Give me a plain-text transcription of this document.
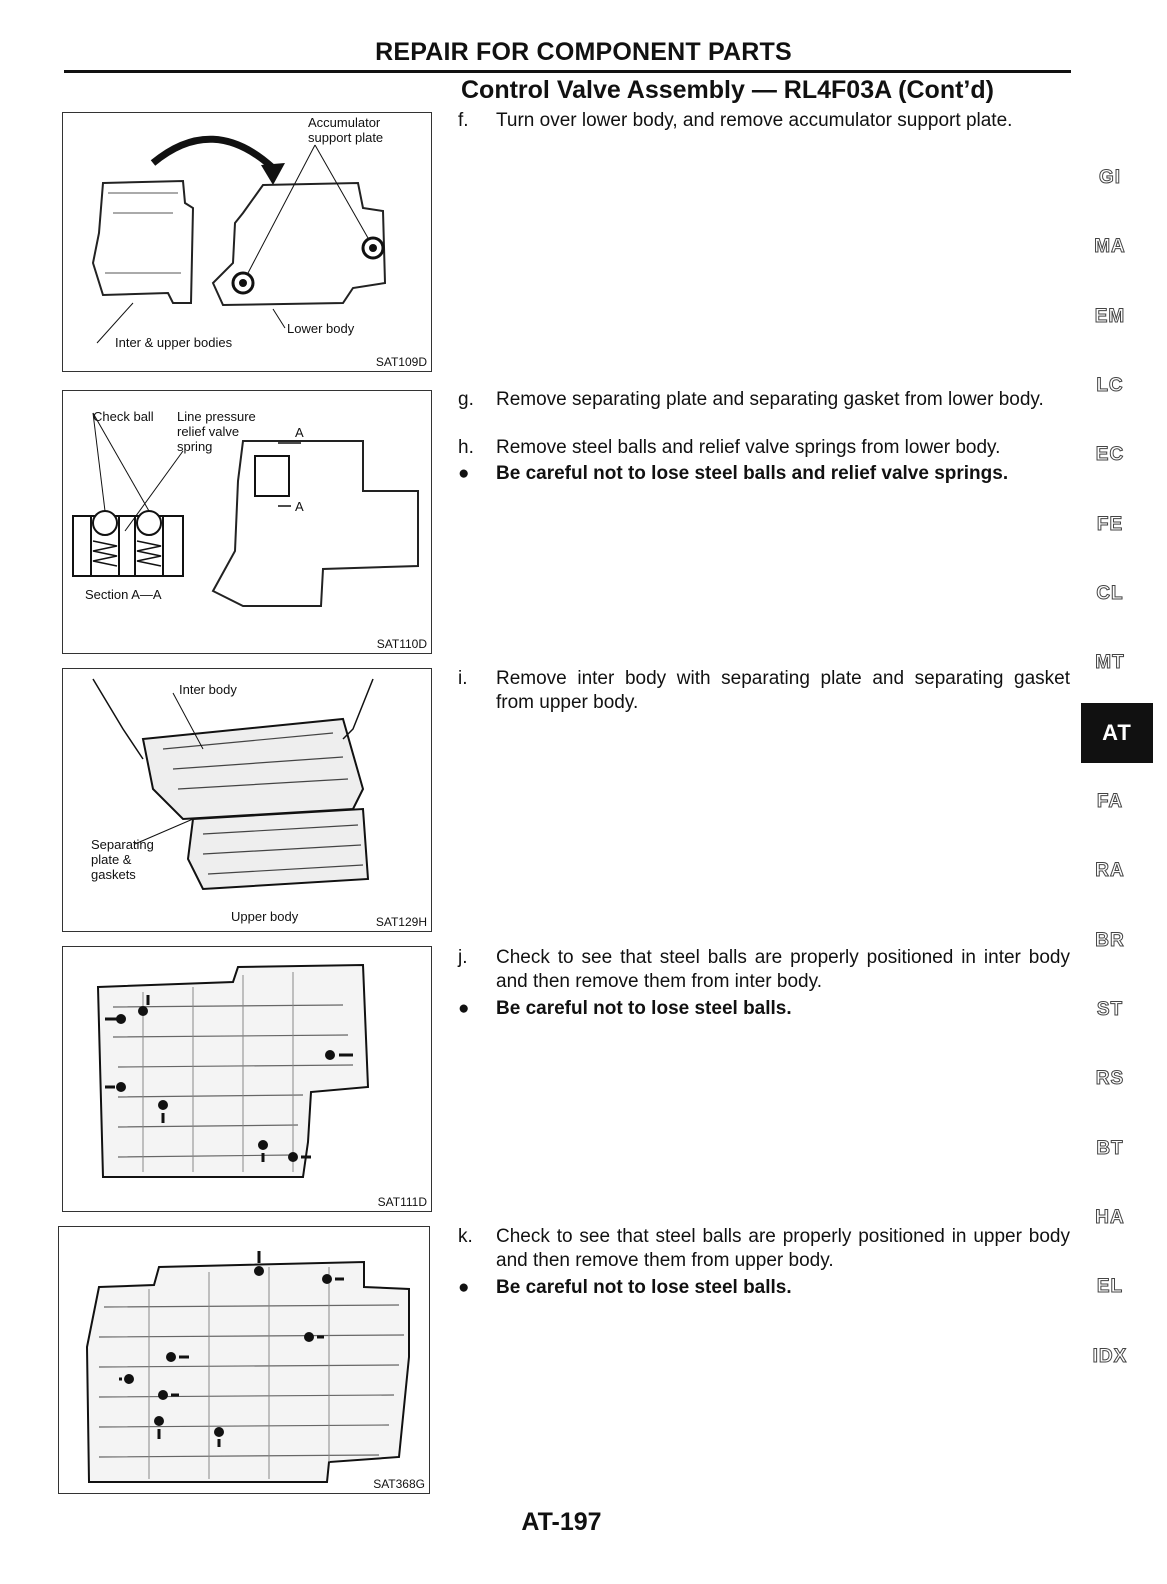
REPAIR FOR COMPONENT PARTS
Control Valve Assembly — RL4F03A (Cont’d)
Accumulator support plate
Lower body
Inter & upper bodies
SAT109D
Check ball Line pressure relief valve spring
A
A
Section A—A
SAT110D
Inter body
Separating plate & gaskets
Upper body	SAT129H
SAT111D
SAT368G
f. Turn over lower body, and remove accumulator support plate.
g. Remove separating plate and separating gasket from lower body.
h. Remove steel balls and relief valve springs from lower body.
● Be careful not to lose steel balls and relief valve springs.
i. Remove inter body with separating plate and separating gasket from upper body.
j. Check to see that steel balls are properly positioned in inter body and then remove them from inter body.
● Be careful not to lose steel balls.
k. Check to see that steel balls are properly positioned in upper body and then remove them from upper body.
● Be careful not to lose steel balls.
GI
MA
EM
LC
EC
FE
CL
MT
AT
FA
RA
BR
ST
RS
BT
HA
EL
IDX
AT-197
